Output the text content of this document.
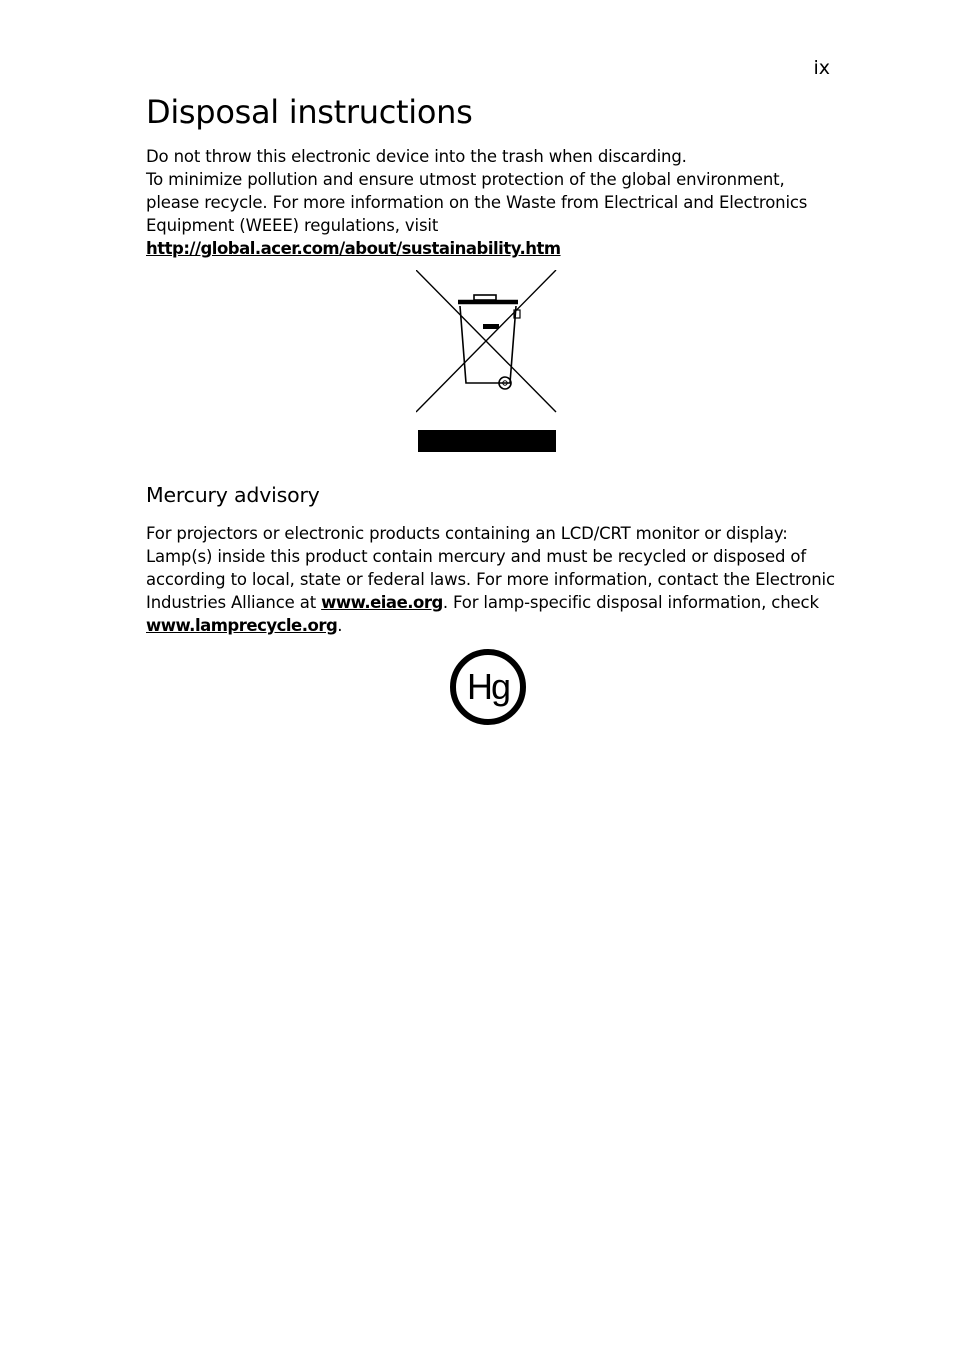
ix
Disposal instructions

Do not throw this electronic device into the trash when discarding.

To minimize pollution and ensure utmost protection of the global environment, please recycle. For more information on the Waste from Electrical and Electronics Equipment (WEEE) regulations, visit

http://global.acer.com/about/sustainability.htm

Mercury advisory

For projectors or electronic products containing an LCD/CRT monitor or display:

Lamp(s) inside this product contain mercury and must be recycled or disposed of according to local, state or federal laws. For more information, contact the Electronic Industries Alliance at www.eiae.org. For lamp-specific disposal information, check www.lamprecycle.org.

Hg
